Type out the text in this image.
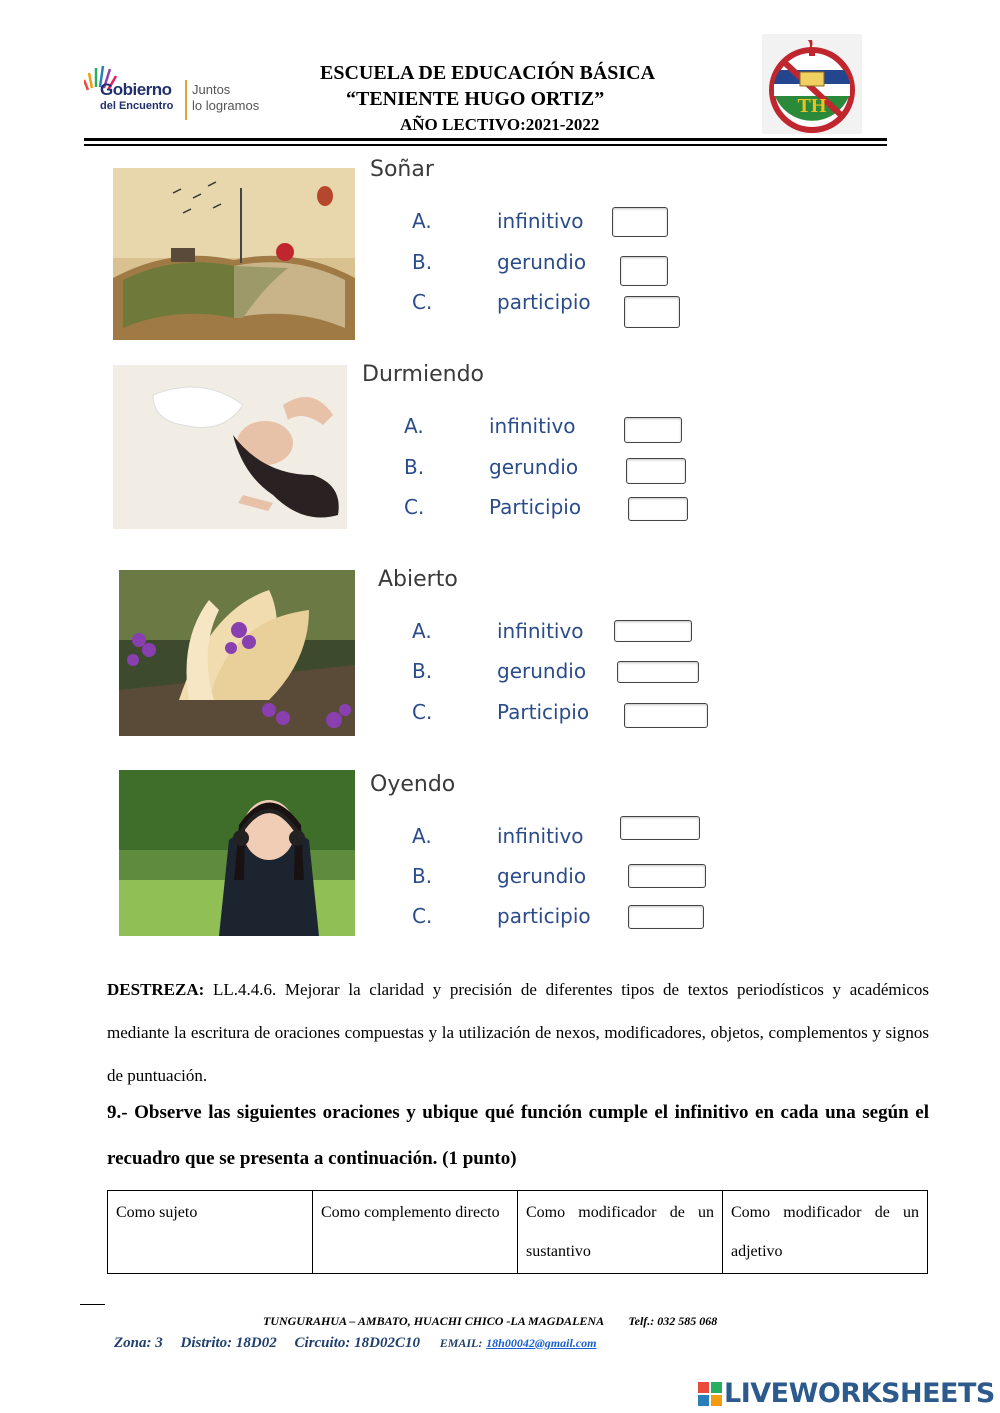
Gobierno
del Encuentro
Juntos
lo logramos
ESCUELA DE EDUCACIÓN BÁSICA
“TENIENTE HUGO ORTIZ”
AÑO LECTIVO:2021-2022
TH
Soñar
A.	infinitivo
B.	gerundio
C.	participio
Durmiendo
A.	infinitivo
B.	gerundio
C.	Participio
Abierto
A.	infinitivo
B.	gerundio
C.	Participio
Oyendo
A.	infinitivo
B.	gerundio
C.	participio
DESTREZA: LL.4.4.6. Mejorar la claridad y precisión de diferentes tipos de textos periodísticos y académicos mediante la escritura de oraciones compuestas y la utilización de nexos, modificadores, objetos, complementos y signos de puntuación.
9.- Observe las siguientes oraciones y ubique qué función cumple el infinitivo en cada una según el recuadro que se presenta a continuación. (1 punto)
Como sujeto	Como complemento directo	Como modificador de un sustantivo	Como modificador de un adjetivo
TUNGURAHUA – AMBATO, HUACHI CHICO -LA MAGDALENA Telf.: 032 585 068
Zona: 3 Distrito: 18D02 Circuito: 18D02C10 EMAIL: 18h00042@gmail.com
LIVEWORKSHEETS
